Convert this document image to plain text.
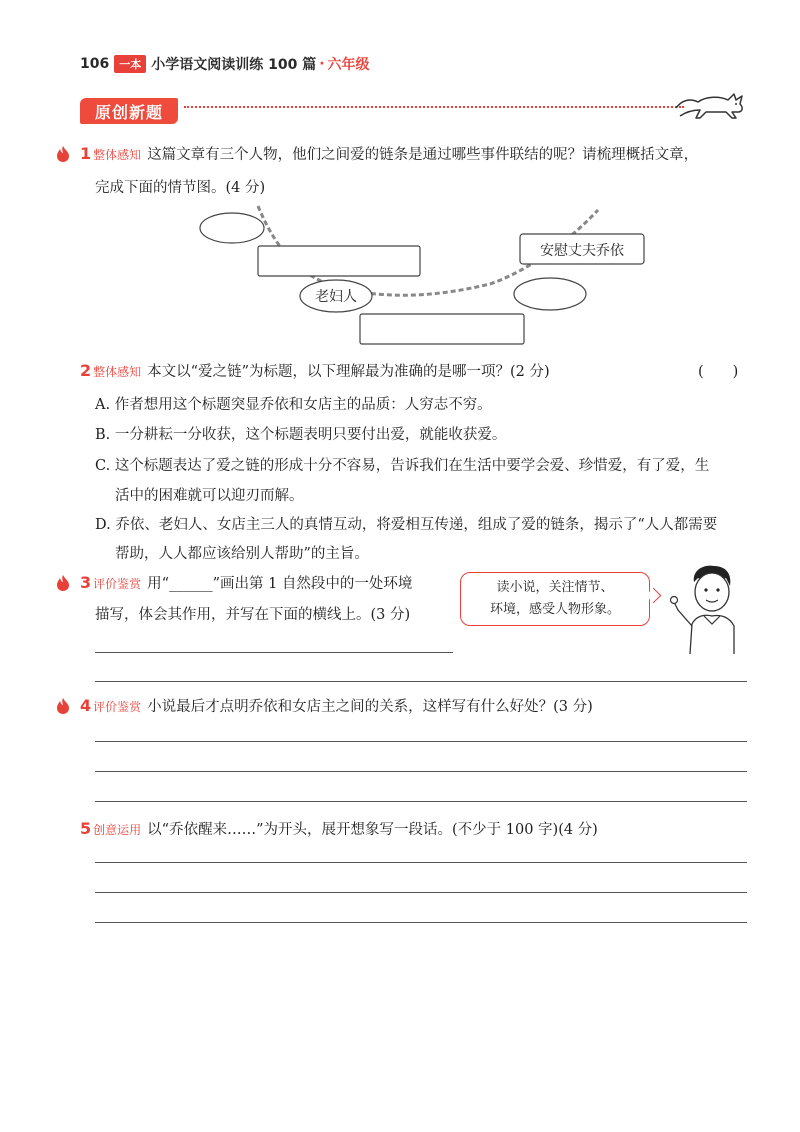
106 一本 小学语文阅读训练 100 篇 · 六年级
原创新题
1 整体感知 这篇文章有三个人物，他们之间爱的链条是通过哪些事件联结的呢？请梳理概括文章，
完成下面的情节图。(4 分)
安慰丈夫乔依
老妇人
2 整体感知 本文以“爱之链”为标题，以下理解最为准确的是哪一项？(2 分)	(　　)
A. 作者想用这个标题突显乔依和女店主的品质：人穷志不穷。
B. 一分耕耘一分收获，这个标题表明只要付出爱，就能收获爱。
C. 这个标题表达了爱之链的形成十分不容易，告诉我们在生活中要学会爱、珍惜爱，有了爱，生
活中的困难就可以迎刃而解。
D. 乔依、老妇人、女店主三人的真情互动，将爱相互传递，组成了爱的链条，揭示了“人人都需要
帮助，人人都应该给别人帮助”的主旨。
3 评价鉴赏 用“______”画出第 1 自然段中的一处环境
描写，体会其作用，并写在下面的横线上。(3 分)
读小说，关注情节、
环境，感受人物形象。
4 评价鉴赏 小说最后才点明乔依和女店主之间的关系，这样写有什么好处？(3 分)
5 创意运用 以“乔依醒来……”为开头，展开想象写一段话。(不少于 100 字)(4 分)
